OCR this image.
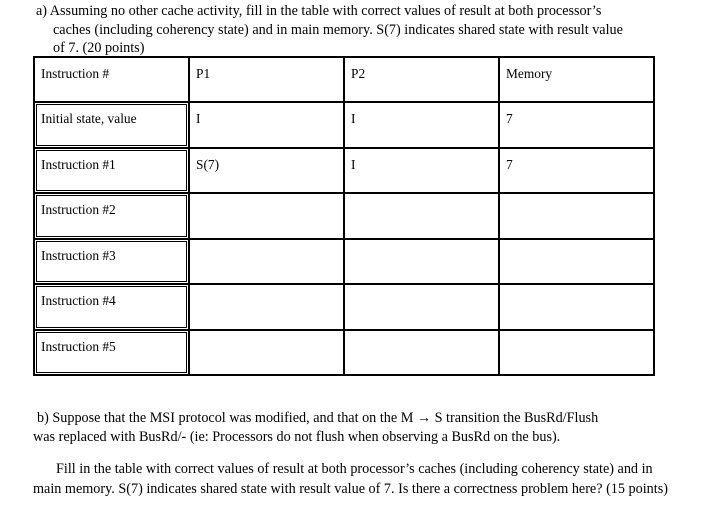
a) Assuming no other cache activity, fill in the table with correct values of result at both processor’s
caches (including coherency state) and in main memory. S(7) indicates shared state with result value
of 7. (20 points)
Instruction #	P1	P2	Memory
Initial state, value	I	I	7
Instruction #1	S(7)	I	7
Instruction #2			
Instruction #3			
Instruction #4			
Instruction #5			
b) Suppose that the MSI protocol was modified, and that on the M → S transition the BusRd/Flush
was replaced with BusRd/- (ie: Processors do not flush when observing a BusRd on the bus).
Fill in the table with correct values of result at both processor’s caches (including coherency state) and in main memory. S(7) indicates shared state with result value of 7. Is there a correctness problem here? (15 points)
